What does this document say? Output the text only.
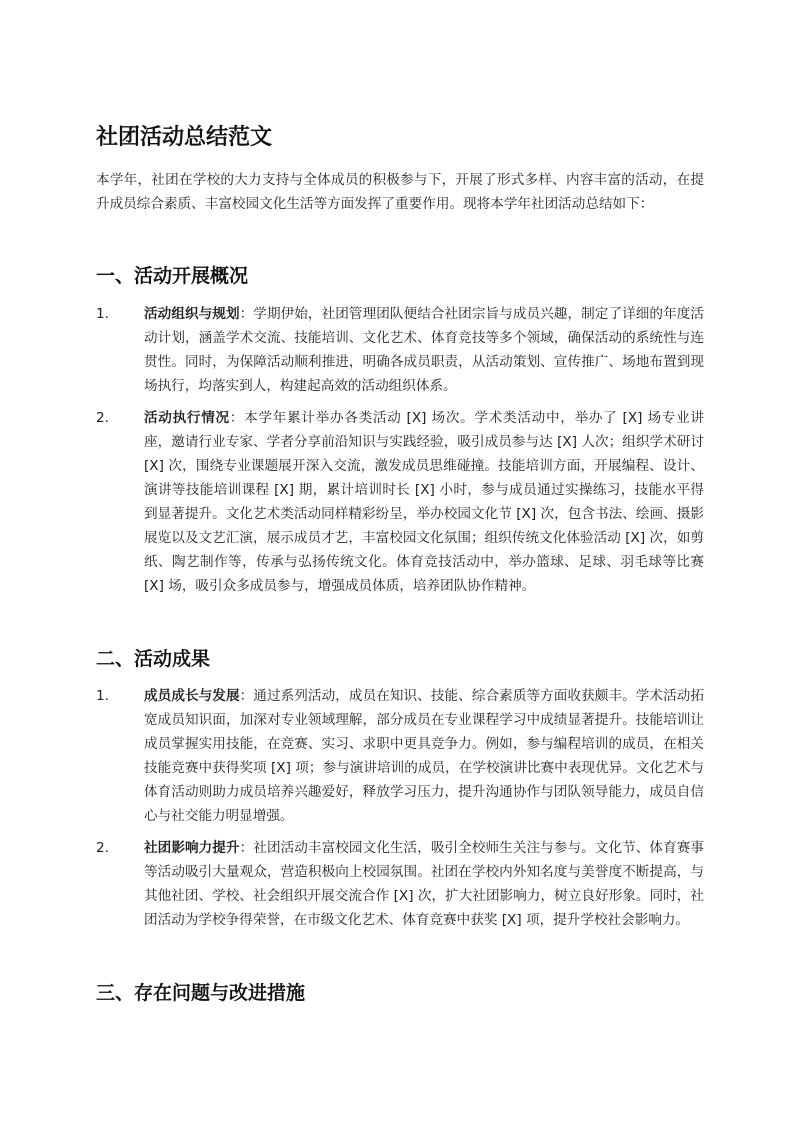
社团活动总结范文

本学年，社团在学校的大力支持与全体成员的积极参与下，开展了形式多样、内容丰富的活动，在提升成员综合素质、丰富校园文化生活等方面发挥了重要作用。现将本学年社团活动总结如下：

一、活动开展概况
1.	活动组织与规划：学期伊始，社团管理团队便结合社团宗旨与成员兴趣，制定了详细的年度活动计划，涵盖学术交流、技能培训、文化艺术、体育竞技等多个领域，确保活动的系统性与连贯性。同时，为保障活动顺利推进，明确各成员职责，从活动策划、宣传推广、场地布置到现场执行，均落实到人，构建起高效的活动组织体系。
2.	活动执行情况：本学年累计举办各类活动 [X] 场次。学术类活动中，举办了 [X] 场专业讲座，邀请行业专家、学者分享前沿知识与实践经验，吸引成员参与达 [X] 人次；组织学术研讨 [X] 次，围绕专业课题展开深入交流，激发成员思维碰撞。技能培训方面，开展编程、设计、演讲等技能培训课程 [X] 期，累计培训时长 [X] 小时，参与成员通过实操练习，技能水平得到显著提升。文化艺术类活动同样精彩纷呈，举办校园文化节 [X] 次，包含书法、绘画、摄影展览以及文艺汇演，展示成员才艺，丰富校园文化氛围；组织传统文化体验活动 [X] 次，如剪纸、陶艺制作等，传承与弘扬传统文化。体育竞技活动中，举办篮球、足球、羽毛球等比赛 [X] 场，吸引众多成员参与，增强成员体质，培养团队协作精神。
二、活动成果
1.	成员成长与发展：通过系列活动，成员在知识、技能、综合素质等方面收获颇丰。学术活动拓宽成员知识面，加深对专业领域理解，部分成员在专业课程学习中成绩显著提升。技能培训让成员掌握实用技能，在竞赛、实习、求职中更具竞争力。例如，参与编程培训的成员，在相关技能竞赛中获得奖项 [X] 项；参与演讲培训的成员，在学校演讲比赛中表现优异。文化艺术与体育活动则助力成员培养兴趣爱好，释放学习压力，提升沟通协作与团队领导能力，成员自信心与社交能力明显增强。
2.	社团影响力提升：社团活动丰富校园文化生活，吸引全校师生关注与参与。文化节、体育赛事等活动吸引大量观众，营造积极向上校园氛围。社团在学校内外知名度与美誉度不断提高，与其他社团、学校、社会组织开展交流合作 [X] 次，扩大社团影响力，树立良好形象。同时，社团活动为学校争得荣誉，在市级文化艺术、体育竞赛中获奖 [X] 项，提升学校社会影响力。
三、存在问题与改进措施
